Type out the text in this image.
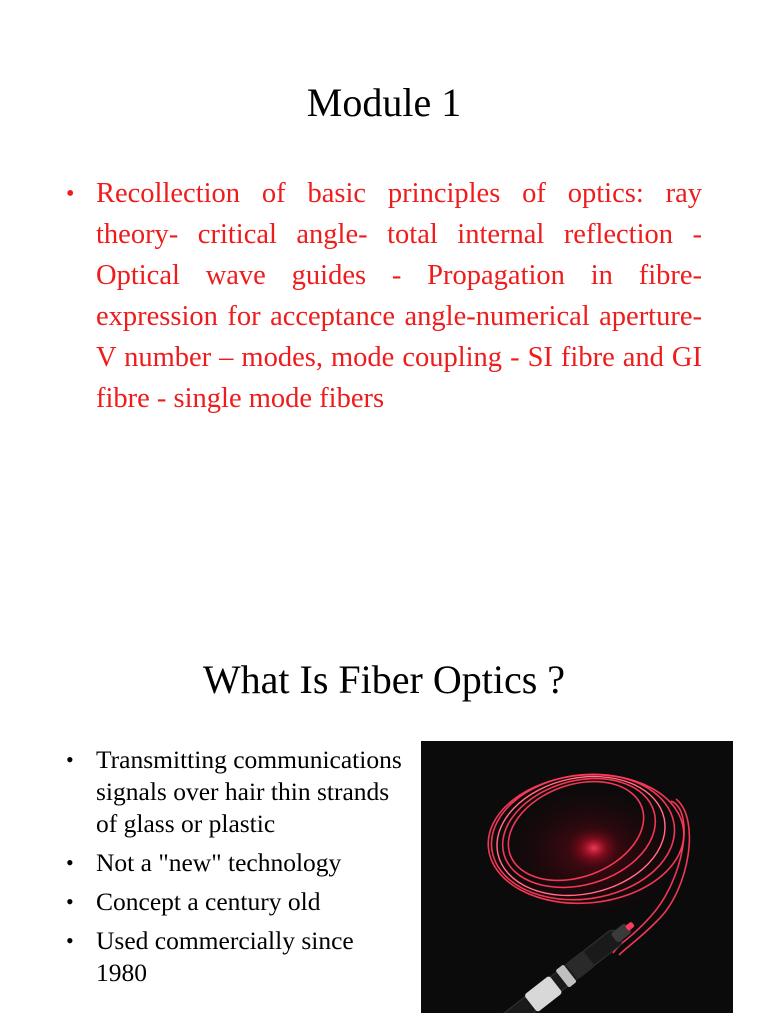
Module 1
• Recollection of basic principles of optics: ray theory- critical angle- total internal reflection - Optical wave guides - Propagation in fibre- expression for acceptance angle-numerical aperture- V number – modes, mode coupling - SI fibre and GI fibre - single mode fibers
What Is Fiber Optics ?
• Transmitting communications signals over hair thin strands of glass or plastic
• Not a "new" technology
• Concept a century old
• Used commercially since 1980
